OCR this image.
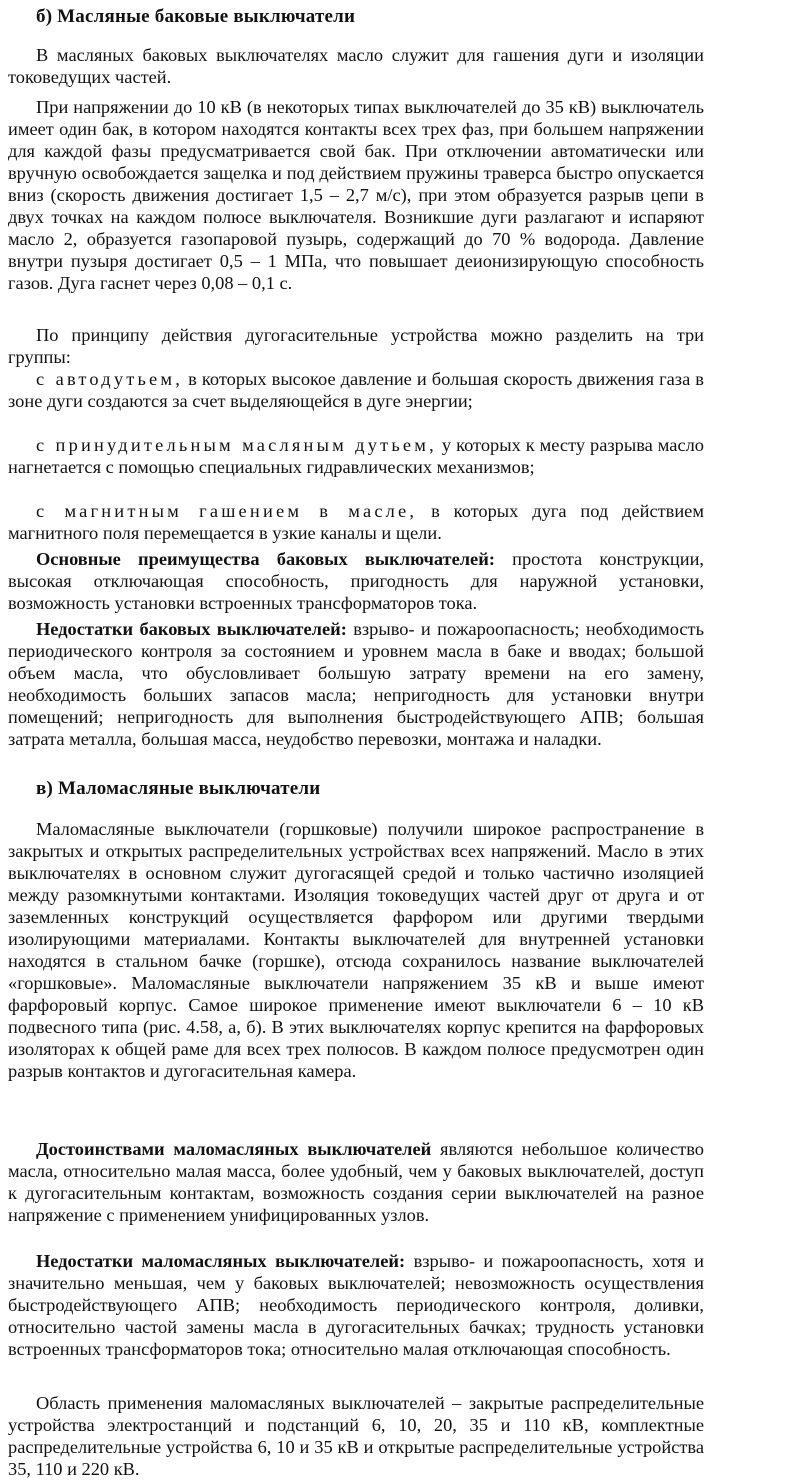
б) Масляные баковые выключатели

В масляных баковых выключателях масло служит для гашения дуги и изоляции токоведущих частей.

При напряжении до 10 кВ (в некоторых типах выключателей до 35 кВ) выключатель имеет один бак, в котором находятся контакты всех трех фаз, при большем напряжении для каждой фазы предусматривается свой бак. При отключении автоматически или вручную освобождается защелка и под действием пружины траверса быстро опускается вниз (скорость движения достигает 1,5 – 2,7 м/с), при этом образуется разрыв цепи в двух точках на каждом полюсе выключателя. Возникшие дуги разлагают и испаряют масло 2, образуется газопаровой пузырь, содержащий до 70 % водорода. Давление внутри пузыря достигает 0,5 – 1 МПа, что повышает деионизирующую способность газов. Дуга гаснет через 0,08 – 0,1 с.

По принципу действия дугогасительные устройства можно разделить на три группы:

с автодутьем, в которых высокое давление и большая скорость движения газа в зоне дуги создаются за счет выделяющейся в дуге энергии;

с принудительным масляным дутьем, у которых к месту разрыва масло нагнетается с помощью специальных гидравлических механизмов;

с магнитным гашением в масле, в которых дуга под действием магнитного поля перемещается в узкие каналы и щели.

Основные преимущества баковых выключателей: простота конструкции, высокая отключающая способность, пригодность для наружной установки, возможность установки встроенных трансформаторов тока.

Недостатки баковых выключателей: взрыво- и пожароопасность; необходимость периодического контроля за состоянием и уровнем масла в баке и вводах; большой объем масла, что обусловливает большую затрату времени на его замену, необходимость больших запасов масла; непригодность для установки внутри помещений; непригодность для выполнения быстродействующего АПВ; большая затрата металла, большая масса, неудобство перевозки, монтажа и наладки.

в) Маломасляные выключатели

Маломасляные выключатели (горшковые) получили широкое распространение в закрытых и открытых распределительных устройствах всех напряжений. Масло в этих выключателях в основном служит дугогасящей средой и только частично изоляцией между разомкнутыми контактами. Изоляция токоведущих частей друг от друга и от заземленных конструкций осуществляется фарфором или другими твердыми изолирующими материалами. Контакты выключателей для внутренней установки находятся в стальном бачке (горшке), отсюда сохранилось название выключателей «горшковые». Маломасляные выключатели напряжением 35 кВ и выше имеют фарфоровый корпус. Самое широкое применение имеют выключатели 6 – 10 кВ подвесного типа (рис. 4.58, а, б). В этих выключателях корпус крепится на фарфоровых изоляторах к общей раме для всех трех полюсов. В каждом полюсе предусмотрен один разрыв контактов и дугогасительная камера.

Достоинствами маломасляных выключателей являются небольшое количество масла, относительно малая масса, более удобный, чем у баковых выключателей, доступ к дугогасительным контактам, возможность создания серии выключателей на разное напряжение с применением унифицированных узлов.

Недостатки маломасляных выключателей: взрыво- и пожароопасность, хотя и значительно меньшая, чем у баковых выключателей; невозможность осуществления быстродействующего АПВ; необходимость периодического контроля, доливки, относительно частой замены масла в дугогасительных бачках; трудность установки встроенных трансформаторов тока; относительно малая отключающая способность.

Область применения маломасляных выключателей – закрытые распределительные устройства электростанций и подстанций 6, 10, 20, 35 и 110 кВ, комплектные распределительные устройства 6, 10 и 35 кВ и открытые распределительные устройства 35, 110 и 220 кВ.
